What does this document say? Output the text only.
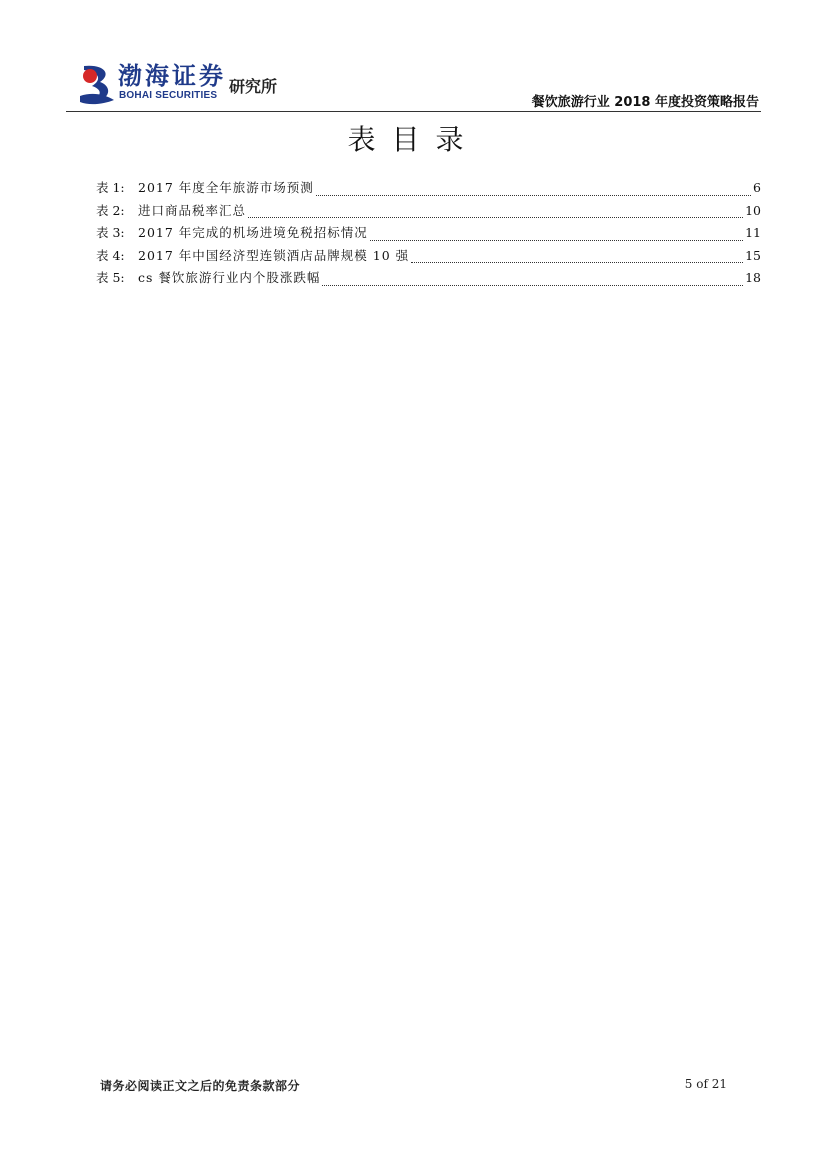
渤海证券
BOHAI SECURITIES 研究所
餐饮旅游行业 2018 年度投资策略报告
表目录
表 1:	2017 年度全年旅游市场预测	6
表 2:	进口商品税率汇总	10
表 3:	2017 年完成的机场进境免税招标情况	11
表 4:	2017 年中国经济型连锁酒店品牌规模 10 强	15
表 5:	cs 餐饮旅游行业内个股涨跌幅	18
请务必阅读正文之后的免责条款部分	5 of 21
